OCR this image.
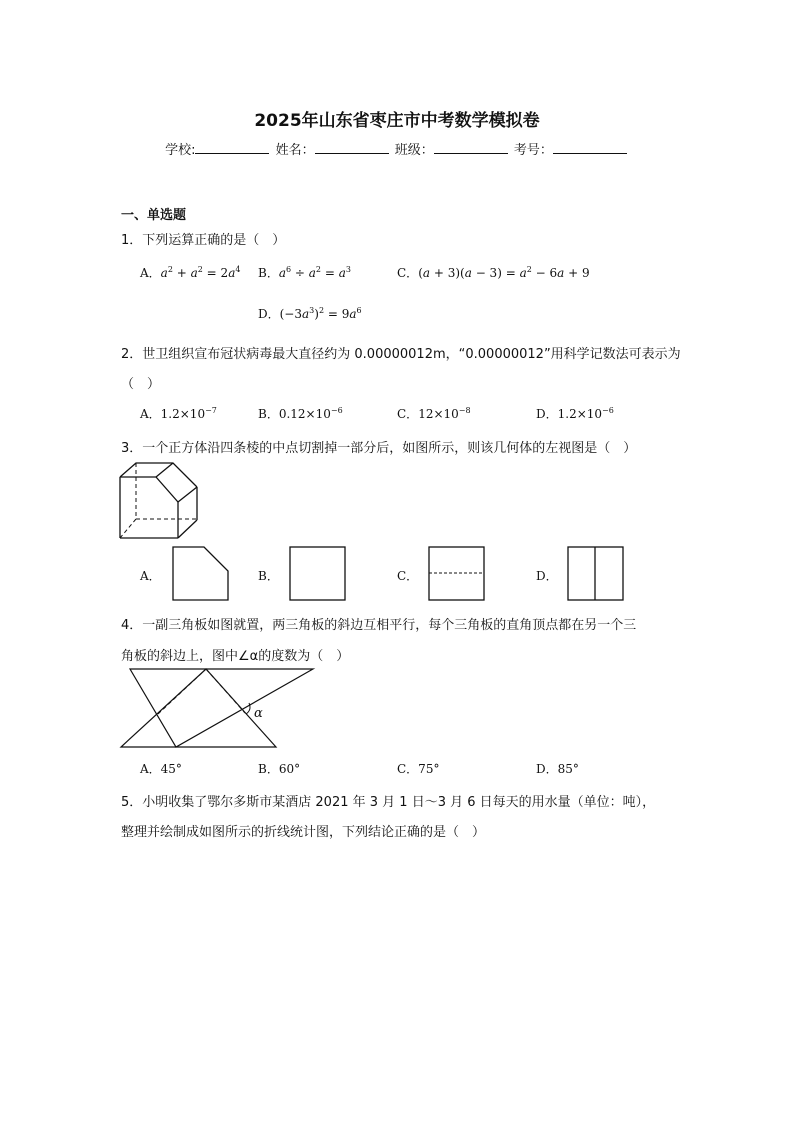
2025年山东省枣庄市中考数学模拟卷
学校:	姓名：	班级：	考号：
一、单选题
1．下列运算正确的是（　）
A．$a^2 + a^2 = 2a^4$ B．$a^6 \div a^2 = a^3$	C．$(a + 3)(a - 3) = a^2 - 6a + 9$
D．$(-3a^3)^2 = 9a^6$
2．世卫组织宣布冠状病毒最大直径约为 0.00000012m，“0.00000012”用科学记数法可表示为
（　）
A．$1.2\times 10^{-7}$	B．$0.12\times 10^{-6}$	C．$12\times 10^{-8}$	D．$1.2\times 10^{-6}$
3．一个正方体沿四条棱的中点切割掉一部分后，如图所示，则该几何体的左视图是（　）
A．	B．	C．	D．
4．一副三角板如图就置，两三角板的斜边互相平行，每个三角板的直角顶点都在另一个三
角板的斜边上，图中∠α的度数为（　）
α
A．45°	B．60°	C．75°	D．85°
5．小明收集了鄂尔多斯市某酒店 2021 年 3 月 1 日～3 月 6 日每天的用水量（单位：吨），
整理并绘制成如图所示的折线统计图，下列结论正确的是（　）
